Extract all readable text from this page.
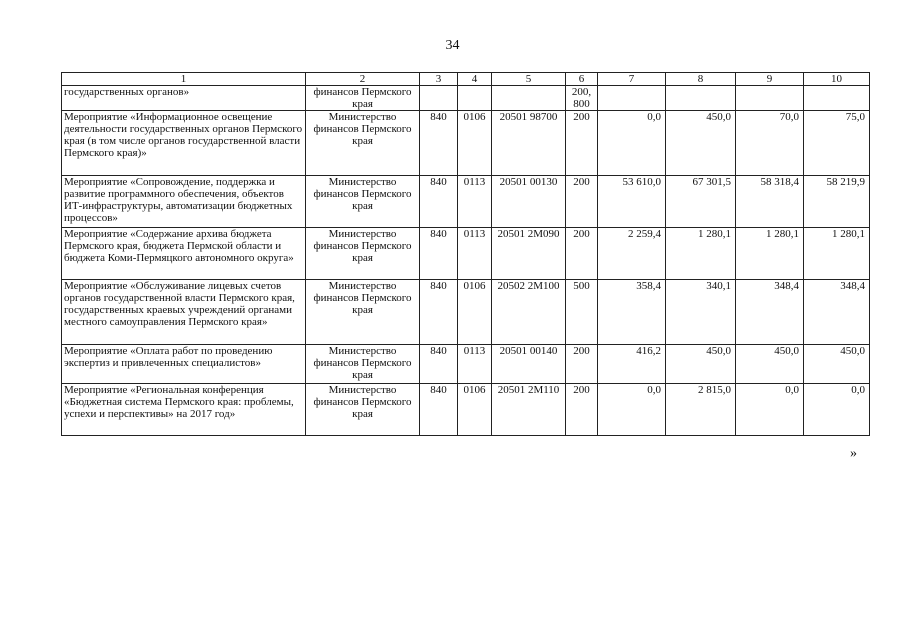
34
1	2	3	4	5	6	7	8	9	10
государственных органов»	финансов Пермского края				200, 800				
Мероприятие «Информационное освещение деятельности государственных органов Пермского края (в том числе органов государственной власти Пермского края)»	Министерство финансов Пермского края	840	0106	20501 98700	200	0,0	450,0	70,0	75,0
Мероприятие «Сопровождение, поддержка и развитие программного обеспечения, объектов ИТ-инфраструктуры, автоматизации бюджетных процессов»	Министерство финансов Пермского края	840	0113	20501 00130	200	53 610,0	67 301,5	58 318,4	58 219,9
Мероприятие «Содержание архива бюджета Пермского края, бюджета Пермской области и бюджета Коми-Пермяцкого автономного округа»	Министерство финансов Пермского края	840	0113	20501 2М090	200	2 259,4	1 280,1	1 280,1	1 280,1
Мероприятие «Обслуживание лицевых счетов органов государственной власти Пермского края, государственных краевых учреждений органами местного самоуправления Пермского края»	Министерство финансов Пермского края	840	0106	20502 2М100	500	358,4	340,1	348,4	348,4
Мероприятие «Оплата работ по проведению экспертиз и привлеченных специалистов»	Министерство финансов Пермского края	840	0113	20501 00140	200	416,2	450,0	450,0	450,0
Мероприятие «Региональная конференция «Бюджетная система Пермского края: проблемы, успехи и перспективы» на 2017 год»	Министерство финансов Пермского края	840	0106	20501 2М110	200	0,0	2 815,0	0,0	0,0
»
